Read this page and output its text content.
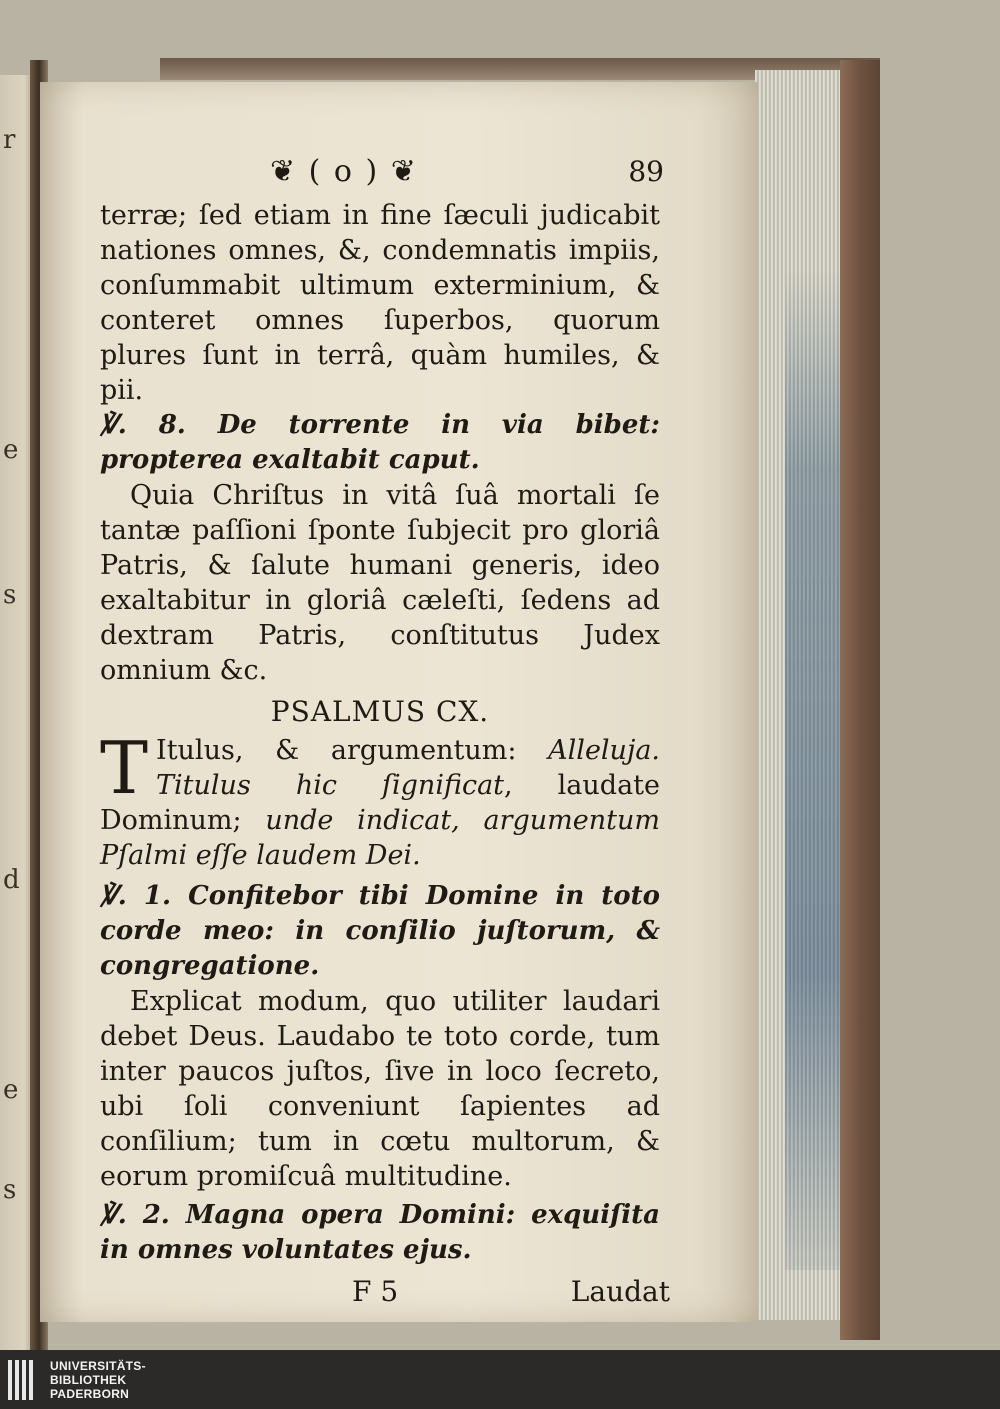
r
e
s
d
e
s
❦ ( o ) ❦	89

terræ; ſed etiam in fine ſæculi judicabit nationes omnes, &, condemnatis impiis, conſummabit ultimum exterminium, & conteret omnes ſuperbos, quorum plures ſunt in terrâ, quàm humiles, & pii.

℣. 8. De torrente in via bibet: propterea exaltabit caput.

Quia Chriſtus in vitâ ſuâ mortali ſe tantæ paſſioni ſponte ſubjecit pro gloriâ Patris, & ſalute humani generis, ideo exaltabitur in gloriâ cæleſti, ſedens ad dextram Patris, conſtitutus Judex omnium &c.

PSALMUS CX.

T Itulus, & argumentum: Alleluja. Titulus hic ſignificat, laudate Dominum; unde indicat, argumentum Pſalmi eſſe laudem Dei.

℣. 1. Confitebor tibi Domine in toto corde meo: in conſilio juſtorum, & congregatione.

Explicat modum, quo utiliter laudari debet Deus. Laudabo te toto corde, tum inter paucos juſtos, ſive in loco ſecreto, ubi ſoli conveniunt ſapientes ad conſilium; tum in cœtu multorum, & eorum promiſcuâ multitudine.

℣. 2. Magna opera Domini: exquiſita in omnes voluntates ejus.

F 5	Laudat
UNIVERSITÄTS-
BIBLIOTHEK
PADERBORN
